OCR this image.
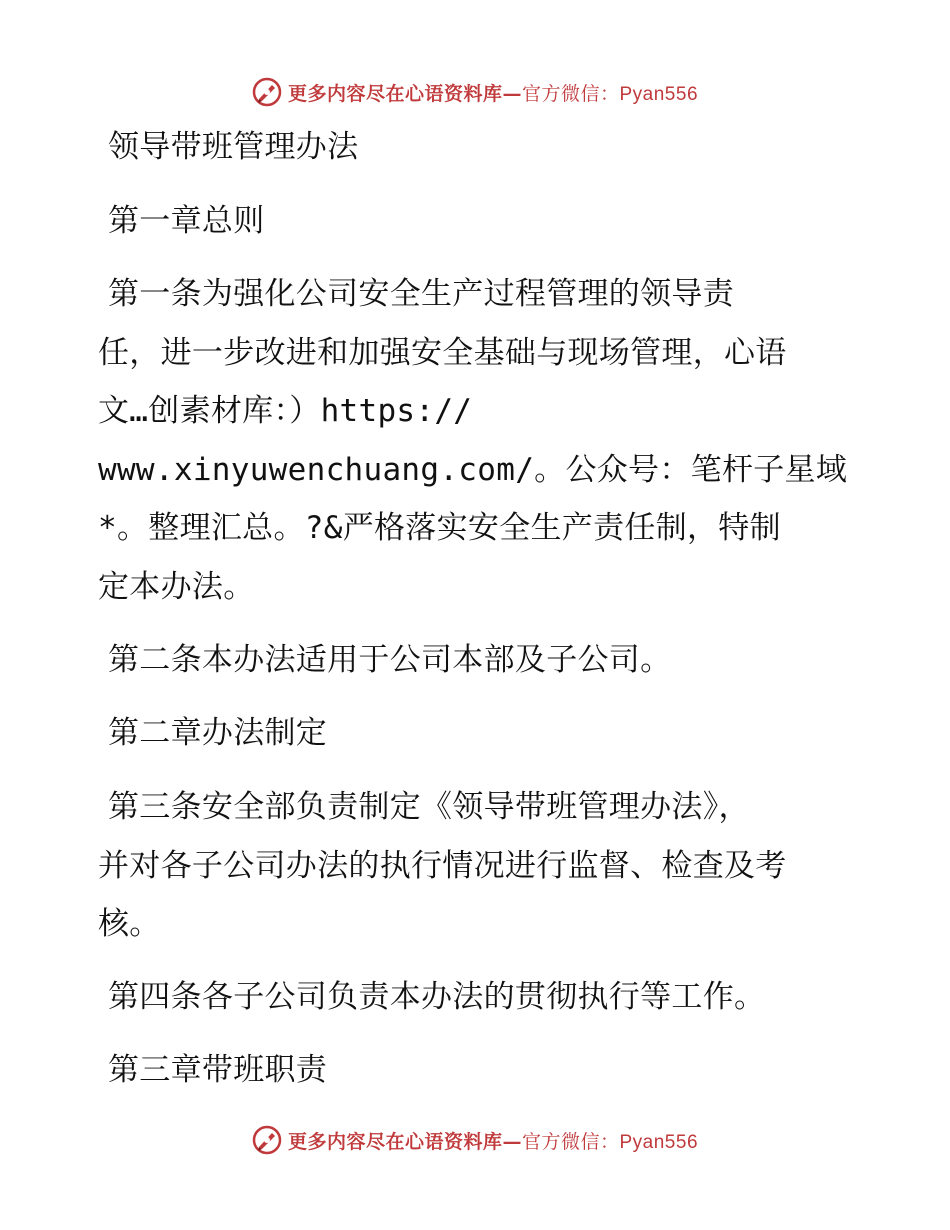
更多内容尽在心语资料库—官方微信：Pyan556
领导带班管理办法
第一章总则
第一条为强化公司安全生产过程管理的领导责
任，进一步改进和加强安全基础与现场管理，心语
文…创素材库：）https://
www.xinyuwenchuang.com/。公众号：笔杆子星域
*。整理汇总。?&严格落实安全生产责任制，特制
定本办法。
第二条本办法适用于公司本部及子公司。
第二章办法制定
第三条安全部负责制定《领导带班管理办法》，
并对各子公司办法的执行情况进行监督、检查及考
核。
第四条各子公司负责本办法的贯彻执行等工作。
第三章带班职责
更多内容尽在心语资料库—官方微信：Pyan556
